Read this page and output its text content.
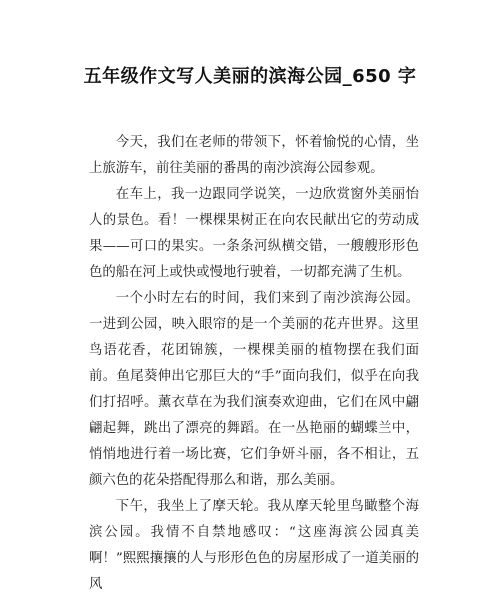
五年级作文写人美丽的滨海公园_650 字

今天，我们在老师的带领下，怀着愉悦的心情，坐上旅游车，前往美丽的番禺的南沙滨海公园参观。

在车上，我一边跟同学说笑，一边欣赏窗外美丽怡人的景色。看！一棵棵果树正在向农民献出它的劳动成果——可口的果实。一条条河纵横交错，一艘艘形形色色的船在河上或快或慢地行驶着，一切都充满了生机。

一个小时左右的时间，我们来到了南沙滨海公园。一进到公园，映入眼帘的是一个美丽的花卉世界。这里鸟语花香，花团锦簇，一棵棵美丽的植物摆在我们面前。鱼尾葵伸出它那巨大的“手”面向我们，似乎在向我们打招呼。薰衣草在为我们演奏欢迎曲，它们在风中翩翩起舞，跳出了漂亮的舞蹈。在一丛艳丽的蝴蝶兰中，悄悄地进行着一场比赛，它们争妍斗丽，各不相让，五颜六色的花朵搭配得那么和谐，那么美丽。

下午，我坐上了摩天轮。我从摩天轮里鸟瞰整个海滨公园。我情不自禁地感叹：“这座海滨公园真美啊！”熙熙攘攘的人与形形色色的房屋形成了一道美丽的风
